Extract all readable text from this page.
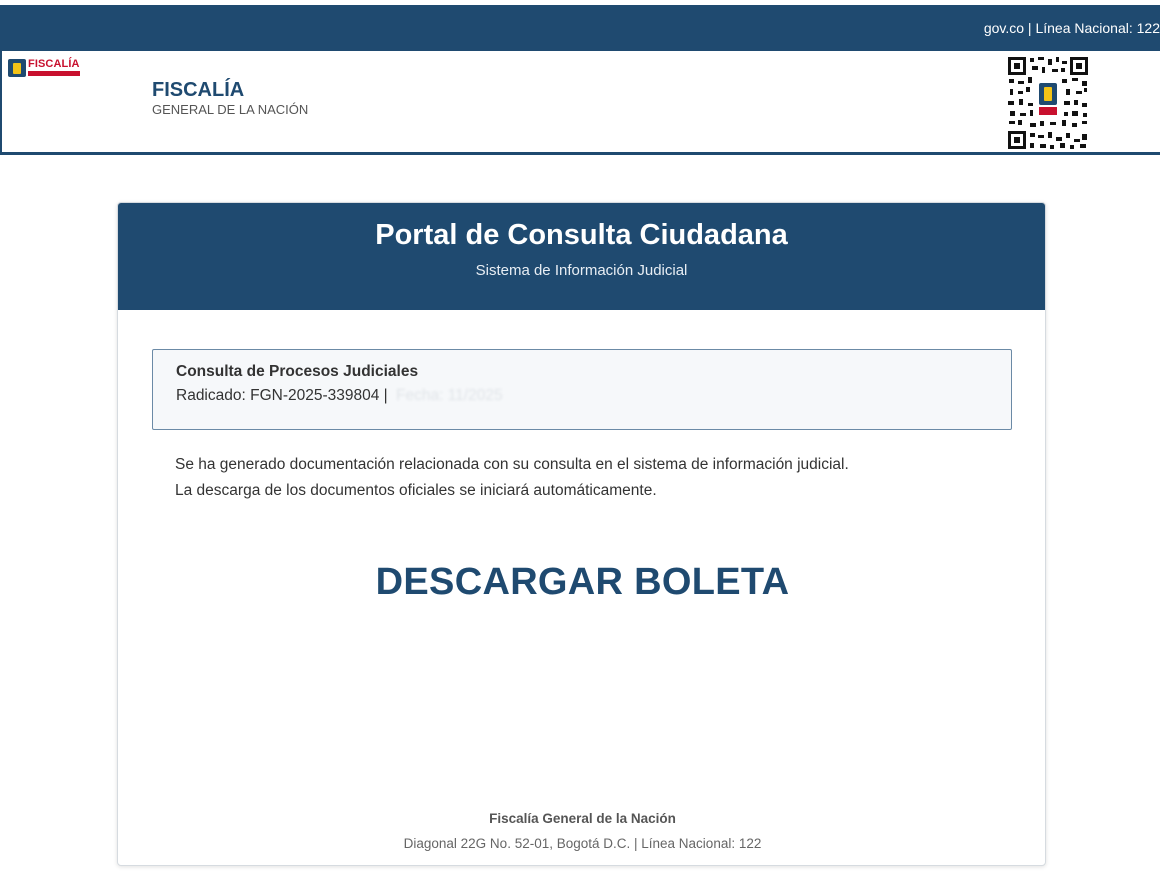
gov.co | Línea Nacional: 122
FISCALÍA
FISCALÍA
GENERAL DE LA NACIÓN
Portal de Consulta Ciudadana
Sistema de Información Judicial
Consulta de Procesos Judiciales
Radicado: FGN-2025-339804 | Fecha: 11/2025
Se ha generado documentación relacionada con su consulta en el sistema de información judicial.
La descarga de los documentos oficiales se iniciará automáticamente.
DESCARGAR BOLETA
Fiscalía General de la Nación
Diagonal 22G No. 52-01, Bogotá D.C. | Línea Nacional: 122
